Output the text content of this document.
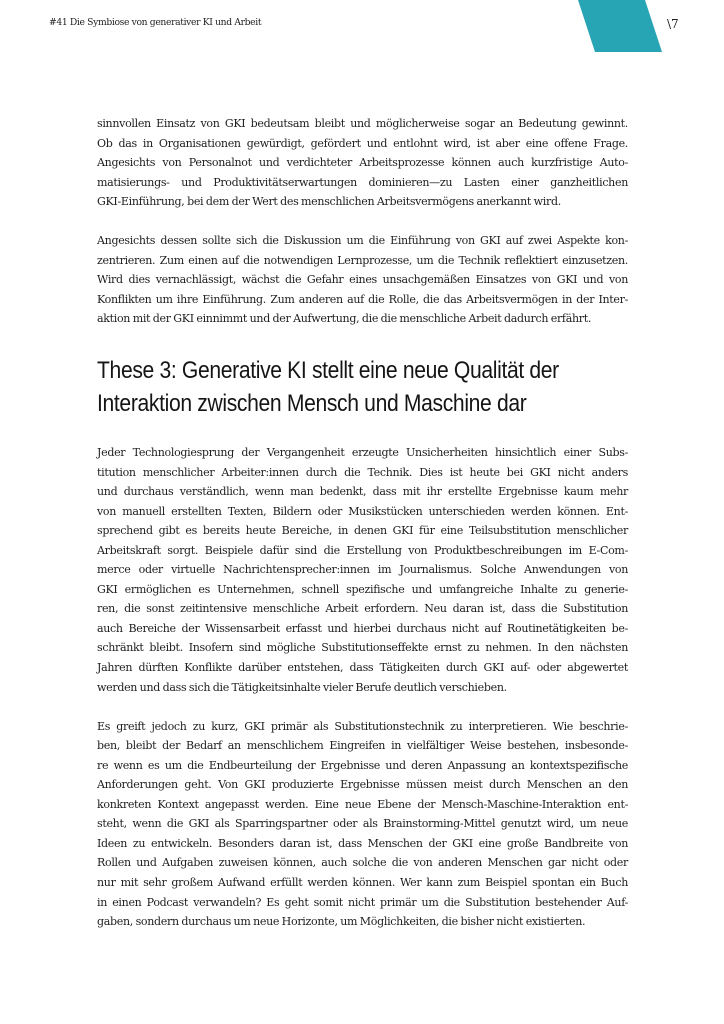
#41 Die Symbiose von generativer KI und Arbeit	\7

sinnvollen Einsatz von GKI bedeutsam bleibt und möglicherweise sogar an Bedeutung gewinnt.
Ob das in Organisationen gewürdigt, gefördert und entlohnt wird, ist aber eine offene Frage.
Angesichts von Personalnot und verdichteter Arbeitsprozesse können auch kurzfristige Auto-
matisierungs- und Produktivitätserwartungen dominieren—zu Lasten einer ganzheitlichen
GKI-Einführung, bei dem der Wert des menschlichen Arbeitsvermögens anerkannt wird.

Angesichts dessen sollte sich die Diskussion um die Einführung von GKI auf zwei Aspekte kon-
zentrieren. Zum einen auf die notwendigen Lernprozesse, um die Technik reflektiert einzusetzen.
Wird dies vernachlässigt, wächst die Gefahr eines unsachgemäßen Einsatzes von GKI und von
Konflikten um ihre Einführung. Zum anderen auf die Rolle, die das Arbeitsvermögen in der Inter-
aktion mit der GKI einnimmt und der Aufwertung, die die menschliche Arbeit dadurch erfährt.

These 3: Generative KI stellt eine neue Qualität der
Interaktion zwischen Mensch und Maschine dar

Jeder Technologiesprung der Vergangenheit erzeugte Unsicherheiten hinsichtlich einer Subs-
titution menschlicher Arbeiter:innen durch die Technik. Dies ist heute bei GKI nicht anders
und durchaus verständlich, wenn man bedenkt, dass mit ihr erstellte Ergebnisse kaum mehr
von manuell erstellten Texten, Bildern oder Musikstücken unterschieden werden können. Ent-
sprechend gibt es bereits heute Bereiche, in denen GKI für eine Teilsubstitution menschlicher
Arbeitskraft sorgt. Beispiele dafür sind die Erstellung von Produktbeschreibungen im E-Com-
merce oder virtuelle Nachrichtensprecher:innen im Journalismus. Solche Anwendungen von
GKI ermöglichen es Unternehmen, schnell spezifische und umfangreiche Inhalte zu generie-
ren, die sonst zeitintensive menschliche Arbeit erfordern. Neu daran ist, dass die Substitution
auch Bereiche der Wissensarbeit erfasst und hierbei durchaus nicht auf Routinetätigkeiten be-
schränkt bleibt. Insofern sind mögliche Substitutionseffekte ernst zu nehmen. In den nächsten
Jahren dürften Konflikte darüber entstehen, dass Tätigkeiten durch GKI auf- oder abgewertet
werden und dass sich die Tätigkeitsinhalte vieler Berufe deutlich verschieben.

Es greift jedoch zu kurz, GKI primär als Substitutionstechnik zu interpretieren. Wie beschrie-
ben, bleibt der Bedarf an menschlichem Eingreifen in vielfältiger Weise bestehen, insbesonde-
re wenn es um die Endbeurteilung der Ergebnisse und deren Anpassung an kontextspezifische
Anforderungen geht. Von GKI produzierte Ergebnisse müssen meist durch Menschen an den
konkreten Kontext angepasst werden. Eine neue Ebene der Mensch-Maschine-Interaktion ent-
steht, wenn die GKI als Sparringspartner oder als Brainstorming-Mittel genutzt wird, um neue
Ideen zu entwickeln. Besonders daran ist, dass Menschen der GKI eine große Bandbreite von
Rollen und Aufgaben zuweisen können, auch solche die von anderen Menschen gar nicht oder
nur mit sehr großem Aufwand erfüllt werden können. Wer kann zum Beispiel spontan ein Buch
in einen Podcast verwandeln? Es geht somit nicht primär um die Substitution bestehender Auf-
gaben, sondern durchaus um neue Horizonte, um Möglichkeiten, die bisher nicht existierten.
